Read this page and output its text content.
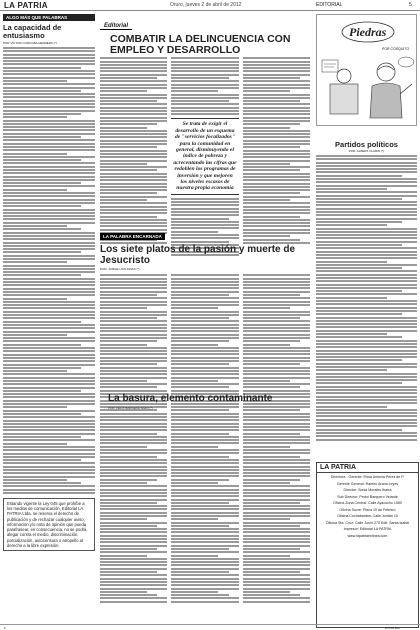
LA PATRIA	Oruro, jueves 2 de abril de 2012	EDITORIAL	5
ALGO MÁS QUE PALABRAS
La capacidad de entusiasmo
POR VÍCTOR CORCOBA HERRERO (*)
Estando vigente la Ley 045 que prohíbe a los medios de comunicación, Editorial LA PATRIA Ltda. se reserva el derecho de publicación y de rechazar cualquier aviso, información y/o nota de opinión que pueda parafrasear, en consecuencia, no se podrá alegar contra el medio, discriminación, parcialización, autocensura o atropello al derecho a la libre expresión.
Editorial
COMBATIR LA DELINCUENCIA CON EMPLEO Y DESARROLLO
Se trata de exigir el desarrollo de un esquema de "servicios focalizados" para la comunidad en general, disminuyendo el índice de pobreza y acrecentando las cifras que redoblen los programas de inversión y que mejoren los niveles escasos de nuestra propia economía
Piedras
POR COSQUITO
Partidos políticos
POR: ALBERT CLARIN (*)
LA PALABRA ENCARNADA
Los siete platos de la pasión y muerte de Jesucristo
POR: JORGE LUIS ARIAS (*)
La basura, elemento contaminante
POR: FÉLIX BARCENA SAZO (*)
LA PATRIA
Directora - Gerente: Rosa Antonia Pérez de P.
Gerente General: Ramiro Arana Leyes
Director: Sonia Morales Ibarra
Sub Director: Pedro Barquero Velarde
Oficina Zona Central: Calle Ayacucho 1580
Oficina Sucre: Plaza 10 de Febrero
Oficina Cochabamba: Calle Jordán 10
Oficina Sta. Cruz: Calle Junín 270 Edif. Santa Isabel
Impresor: Editorial LA PATRIA
www.lapatriaenlinea.com
5	LA PATRIA
